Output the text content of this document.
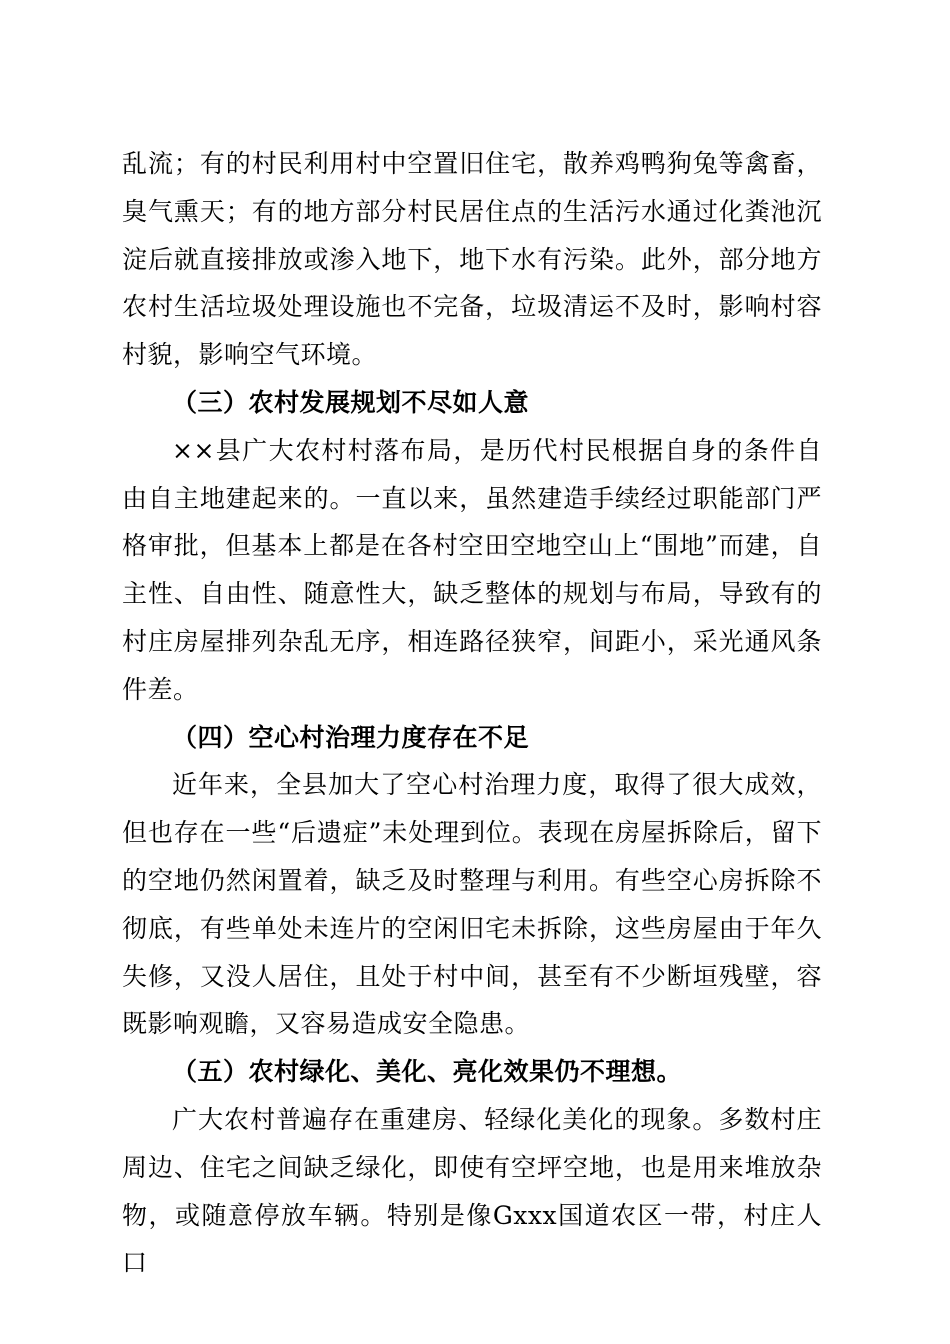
乱流；有的村民利用村中空置旧住宅，散养鸡鸭狗兔等禽畜，臭气熏天；有的地方部分村民居住点的生活污水通过化粪池沉淀后就直接排放或渗入地下，地下水有污染。此外，部分地方农村生活垃圾处理设施也不完备，垃圾清运不及时，影响村容村貌，影响空气环境。

（三）农村发展规划不尽如人意

××县广大农村村落布局，是历代村民根据自身的条件自由自主地建起来的。一直以来，虽然建造手续经过职能部门严格审批，但基本上都是在各村空田空地空山上“围地”而建，自主性、自由性、随意性大，缺乏整体的规划与布局，导致有的村庄房屋排列杂乱无序，相连路径狭窄，间距小，采光通风条件差。

（四）空心村治理力度存在不足

近年来，全县加大了空心村治理力度，取得了很大成效，但也存在一些“后遗症”未处理到位。表现在房屋拆除后，留下的空地仍然闲置着，缺乏及时整理与利用。有些空心房拆除不彻底，有些单处未连片的空闲旧宅未拆除，这些房屋由于年久失修，又没人居住，且处于村中间，甚至有不少断垣残壁，容既影响观瞻，又容易造成安全隐患。

（五）农村绿化、美化、亮化效果仍不理想。

广大农村普遍存在重建房、轻绿化美化的现象。多数村庄周边、住宅之间缺乏绿化，即使有空坪空地，也是用来堆放杂物，或随意停放车辆。特别是像Gxxx国道农区一带，村庄人口
